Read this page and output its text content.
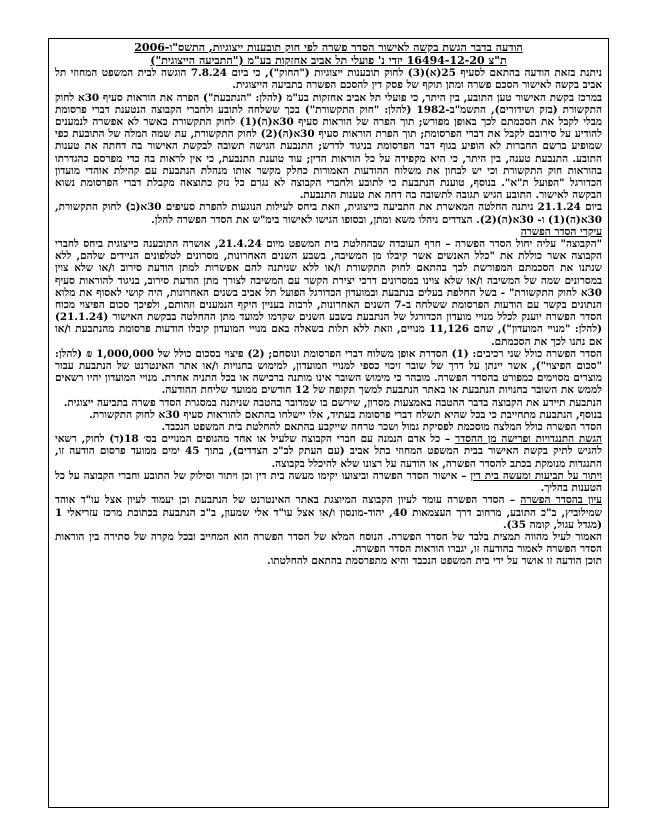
הודעה בדבר הגשת בקשה לאישור הסדר פשרה לפי חוק תובענות ייצוגיות, התשס"ו-2006

ת"צ 16494-12-20 יזדי נ' פועלי תל אביב אחזקות בע"מ ("התביעה הייצוגית")

ניתנת בזאת הודעה בהתאם לסעיף 25(א)(3) לחוק תובענות ייצוגיות ("החוק"), כי ביום 7.8.24 הוגשה לבית המשפט המחוזי תל אביב בקשה לאישור הסכם פשרה ומתן תוקף של פסק דין להסכם הפשרה בתביעה הייצוגית.

במרכז בקשת האישור טען התובע, בין היתר, כי פועלי תל אביב אחזקות בע"מ (להלן: "הנתבעת") הפרה את הוראות סעיף 30א לחוק התקשורת (בזק ושידורים), התשמ"ב-1982 (להלן: "חוק התקשורת") בכך ששלחה לתובע ולחברי הקבוצה הנטענת דברי פרסומת מבלי לקבל את הסכמתם לכך באופן מפורש; תוך הפרה של הוראות סעיף 30א(ה)(1) לחוק התקשורת כאשר לא אפשרה לנמענים להודיע על סירובם לקבל את דברי הפרסומת; תוך הפרת הוראות סעיף 30א(ה)(2) לחוק התקשורת, עת שמה המלה של התובעת כפי שמופיע ברשם החברות לא הופיע בגוף דבר הפרסומת בניגוד לדרש; התנבעת הגישה תשובה לבקשת האישור בה דחתה את טענות התובע. התנבעת טענה, בין היתר, כי היא מקפידה על כל הוראות הדין; עוד טוענת התנבעת, כי אין לראות בה כדי מפרסם כהגדרתו בהוראות חוק התקשורת וכי יש לבחון את משלוח ההודעות האמורות כחלק מקשר אותו מנהלת הנתבעת עם קהילת אוהדי מועדון הכדורגל "הפועל ת"א". בנוסף, טוענת הנתבעת כי לתובע ולחברי הקבוצה לא נגרם כל נזק כתוצאה מקבלת דברי הפרסומת נשוא הבקשה לאישור. התובע הגיש תגובה לתשובה בה דחה את טענות התנבעת.

ביום 21.1.24 ניתנה החלטה המאשרת את התביעה כייצוגית, וזאת ביחס לעילות הנוגעות להפרת סעיפים 30א(ב) לחוק התקשורת, 30א(ה)(1) ו- 30א(ה)(2). הצדדים ניהלו משא ומתן, ובסופו הגישו לאישור בימ"ש את הסדר הפשרה להלן.

עיקרי הסדר הפשרה

"הקבוצה" עליה יחול הסדר הפשרה – חרף העובדה שבהחלטת בית המשפט מיום 21.4.24, אושרה התובענה כייצוגית ביחס לחברי הקבוצה אשר כוללת את "כלל האנשים אשר קיבלו מן המשיבה, בשבע השנים האחרונות, מסרונים לטלפונים הניידים שלהם, ללא שנתנו את הסכמתם המפורשת לכך בהתאם לחוק התקשורת ו/או ללא שניתנה להם אפשרות למתן הודעת סירוב ו/או שלא צוין במסרונים שמה של המשיבה ו/או שלא צוינו במסרונים דרכי יצירת הקשר עם המשיבה לצורך מתן הודעת סירוב, בניגוד להוראות סעיף 30א לחוק התקשורת" - בשל החלפת בעלים בנתבעת ובמועדון הכדורגל הפועל תל אביב בשנים האחרונות, היה קושי לאסוף את מלוא הנתונים בקשר עם הודעות הפרסומת ששלחה ב-7 השנים האחרונות, לרבות בעניין היקף הנמענים וזהותם, ולפיכך סכום הפיצוי מכוח הסדר הפשרה יוענק לכלל מנויי מועדון הכדורגל של הנתבעת בשבע השנים שקדמו למועד מתן ההחלטה בבקשת האישור (21.1.24) (להלן: "מנויי המועדון"), שהם 11,126 מנויים, וזאת ללא תלות בשאלה באם מנויי המועדון קיבלו הודעות פרסומת מהנתבעת ו/או אם נתנו לכך את הסכמתם.

הסדר הפשרה כולל שני רכיבים: (1) הסדרת אופן משלוח דברי הפרסומת ונוסחם; (2) פיצוי בסכום כולל של 1,000,000 ₪ (להלן: "סכום הפיצוי"), אשר יינתן על דרך של שובר זיכוי כספי למנויי המועדון, למימוש בחנויות ו/או אתר האינטרנט של הנתבעת עבור מוצרים מסוימים כמפורט בהסדר הפשרה. מובהר כי מימוש השובר אינו מותנה ברכישה או בכל התניה אחרת. מנויי המועדון יהיו רשאים לממש את השובר בחנויות הנתבעת או באתר הנתבעת למשך תקופה של 12 חודשים ממועד שליחת ההודעה.

הנתבעת תיידע את הקבוצה בדבר ההטבה באמצעות מסרון, שירשם בו שמדובר בהטבה שניתנה במסגרת הסדר פשרה בתביעה ייצוגית.

בנוסף, הנתבעת מתחייבת כי בכל שהיא תשלח דברי פרסומת בעתיד, אלו יישלחו בהתאם להוראות סעיף 30א לחוק התקשורת.

הסדר הפשרה כולל המלצה מוסכמת לפסיקת גמול ושכר טרחה שייקבע בהתאם להחלטת בית המשפט הנכבד.

הגשת התנגדויות ופרישה מן ההסדר – כל אדם הנמנה עם חברי הקבוצה שלעיל או אחד מהגופים המנויים בס׳ 18(ד) לחוק, רשאי להגיש לתיק בקשת האישור בבית המשפט המחוזי בתל אביב (עם העתק לב"כ הצדדים), בתוך 45 ימים ממועד פרסום הודעה זו, התנגדות מנומקת בכתב להסדר הפשרה, או הודעה על רצונו שלא להיכלל בקבוצה.

ויתור על תביעות ומעשה בית דין – אישור הסדר הפשרה וביצועו יקימו מעשה בית דין וכן ויתור וסילוק של התובע וחברי הקבוצה על כל הטענות בהליך.

עיון בהסדר הפשרה – הסדר הפשרה עומד לעיון הקבוצה המיוצגת באתר האינטרנט של הנתבעת וכן יעמוד לעיון אצל עו"ד אוהד שמילוביץ, ב"כ התובע, מרחוב דרך העצמאות 40, יהוד-מונסון ו/או אצל עו"ד אלי שמעון, ב"כ הנתבעת בכתובת מרכז עזריאלי 1 (מגדל עגול, קומה 35).

האמור לעיל מהווה תמצית בלבד של הסדר הפשרה. הנוסח המלא של הסדר הפשרה הוא המחייב ובכל מקרה של סתירה בין הוראות הסדר הפשרה לאמור בהודעה זו, יגברו הוראות הסדר הפשרה.

תוכן הודעה זו אושר על ידי בית המשפט הנכבד והיא מתפרסמת בהתאם להחלטתו.
